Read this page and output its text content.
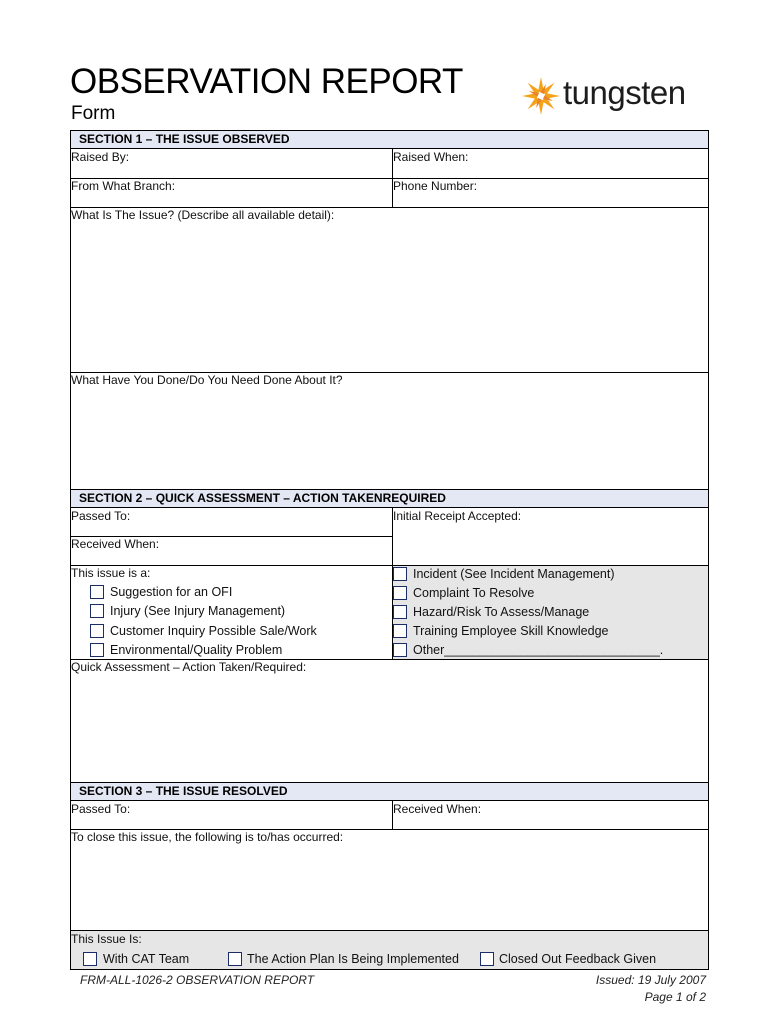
OBSERVATION REPORT
Form
tungsten
SECTION 1 – THE ISSUE OBSERVED
Raised By:	Raised When:
From What Branch:	Phone Number:
What Is The Issue? (Describe all available detail):
What Have You Done/Do You Need Done About It?
SECTION 2 – QUICK ASSESSMENT – ACTION TAKENREQUIRED
Passed To:	Initial Receipt Accepted:
Received When:
This issue is a:
Suggestion for an OFI
Injury (See Injury Management)
Customer Inquiry Possible Sale/Work
Environmental/Quality Problem
Incident (See Incident Management)
Complaint To Resolve
Hazard/Risk To Assess/Manage
Training Employee Skill Knowledge
Other_______________________________.
Quick Assessment – Action Taken/Required:
SECTION 3 – THE ISSUE RESOLVED
Passed To:	Received When:
To close this issue, the following is to/has occurred:
This Issue Is:
With CAT Team	The Action Plan Is Being Implemented	Closed Out Feedback Given
FRM-ALL-1026-2 OBSERVATION REPORT	Issued: 19 July 2007
Page 1 of 2
